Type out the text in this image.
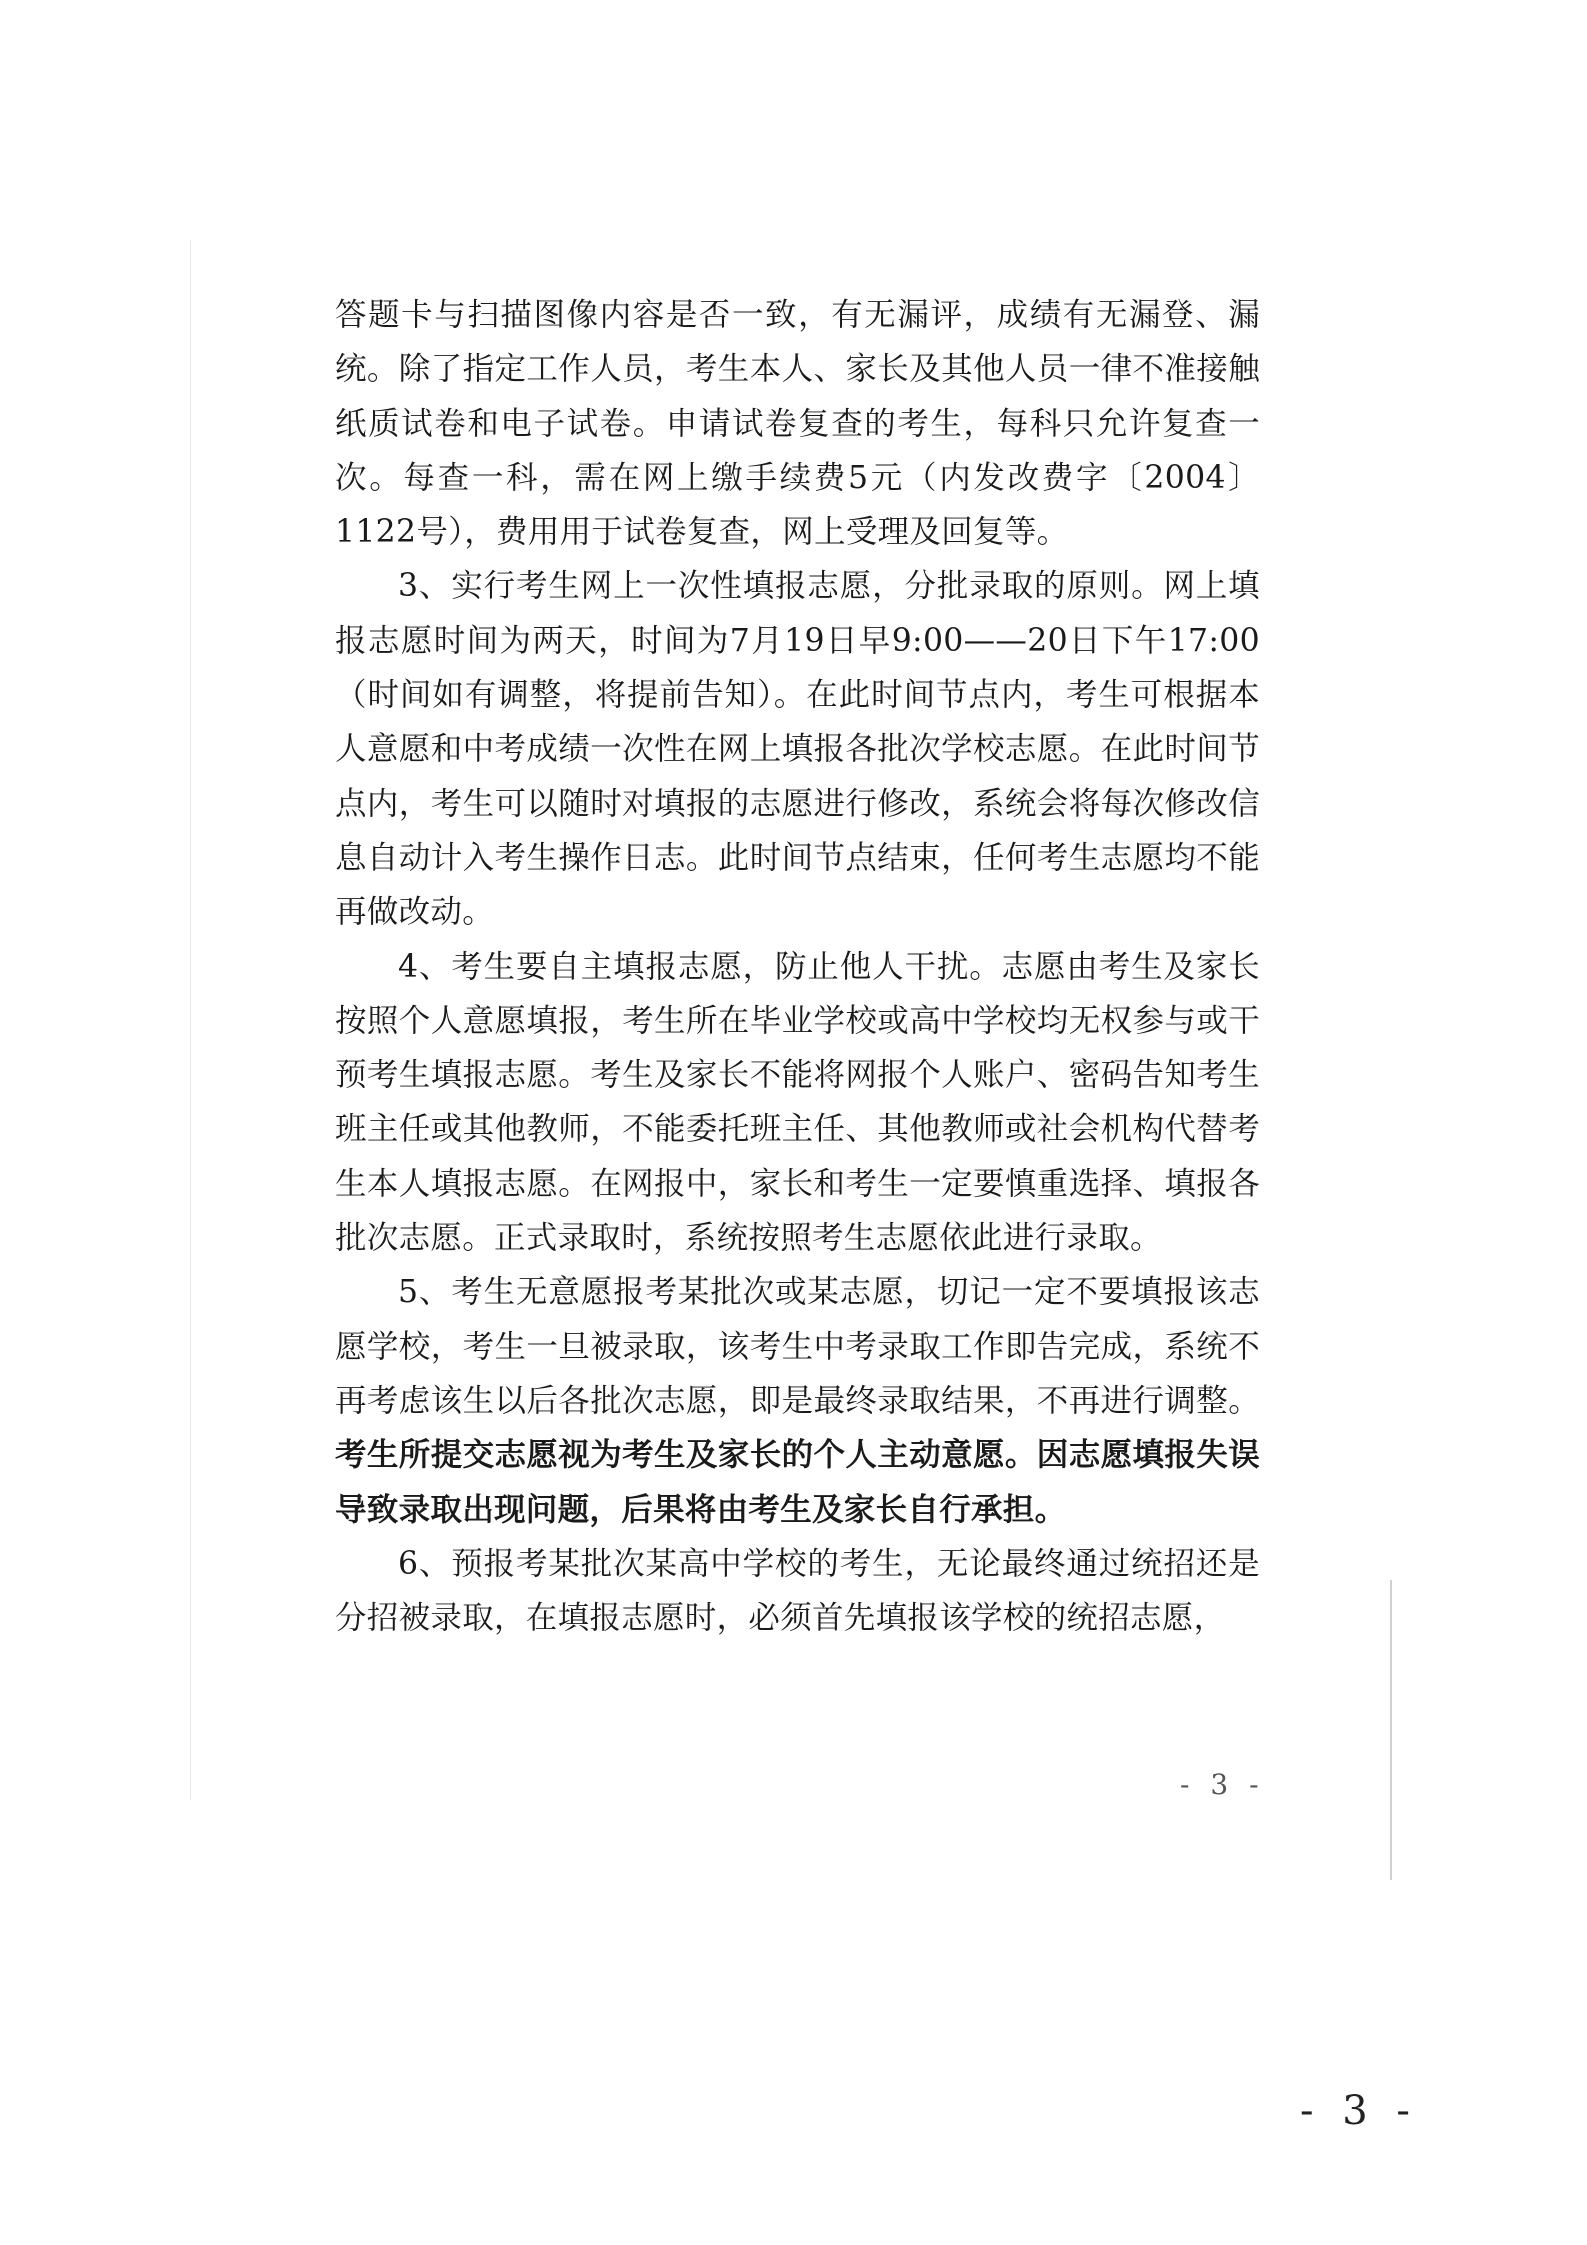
答题卡与扫描图像内容是否一致，有无漏评，成绩有无漏登、漏统。除了指定工作人员，考生本人、家长及其他人员一律不准接触纸质试卷和电子试卷。申请试卷复查的考生，每科只允许复查一次。每查一科，需在网上缴手续费5元（内发改费字〔2004〕1122号），费用用于试卷复查，网上受理及回复等。

3、实行考生网上一次性填报志愿，分批录取的原则。网上填报志愿时间为两天，时间为7月19日早9:00——20日下午17:00（时间如有调整，将提前告知）。在此时间节点内，考生可根据本人意愿和中考成绩一次性在网上填报各批次学校志愿。在此时间节点内，考生可以随时对填报的志愿进行修改，系统会将每次修改信息自动计入考生操作日志。此时间节点结束，任何考生志愿均不能再做改动。

4、考生要自主填报志愿，防止他人干扰。志愿由考生及家长按照个人意愿填报，考生所在毕业学校或高中学校均无权参与或干预考生填报志愿。考生及家长不能将网报个人账户、密码告知考生班主任或其他教师，不能委托班主任、其他教师或社会机构代替考生本人填报志愿。在网报中，家长和考生一定要慎重选择、填报各批次志愿。正式录取时，系统按照考生志愿依此进行录取。

5、考生无意愿报考某批次或某志愿，切记一定不要填报该志愿学校，考生一旦被录取，该考生中考录取工作即告完成，系统不再考虑该生以后各批次志愿，即是最终录取结果，不再进行调整。考生所提交志愿视为考生及家长的个人主动意愿。因志愿填报失误导致录取出现问题，后果将由考生及家长自行承担。

6、预报考某批次某高中学校的考生，无论最终通过统招还是分招被录取，在填报志愿时，必须首先填报该学校的统招志愿，

- 3 -
- 3 -
